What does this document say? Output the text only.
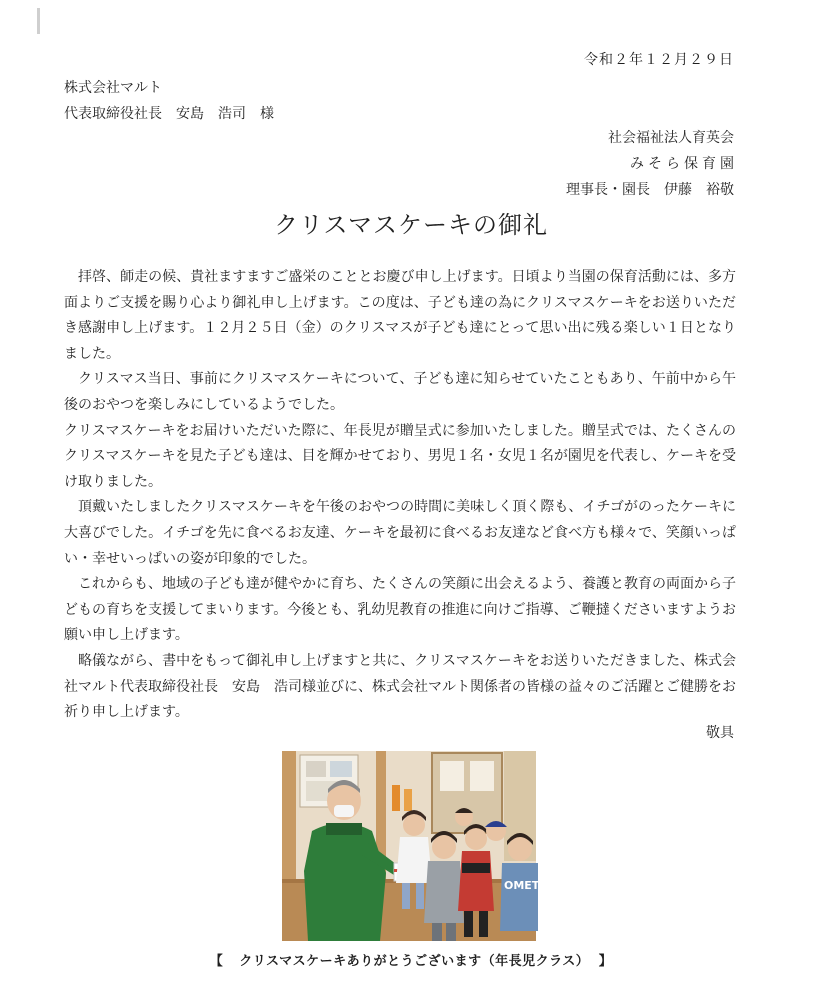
令和２年１２月２９日
株式会社マルト
代表取締役社長　安島　浩司　様
社会福祉法人育英会
みそら保育園
理事長・園長　伊藤　裕敬
クリスマスケーキの御礼

拝啓、師走の候、貴社ますますご盛栄のこととお慶び申し上げます。日頃より当園の保育活動には、多方面よりご支援を賜り心より御礼申し上げます。この度は、子ども達の為にクリスマスケーキをお送りいただき感謝申し上げます。１２月２５日（金）のクリスマスが子ども達にとって思い出に残る楽しい１日となりました。

クリスマス当日、事前にクリスマスケーキについて、子ども達に知らせていたこともあり、午前中から午後のおやつを楽しみにしているようでした。

クリスマスケーキをお届けいただいた際に、年長児が贈呈式に参加いたしました。贈呈式では、たくさんのクリスマスケーキを見た子ども達は、目を輝かせており、男児１名・女児１名が園児を代表し、ケーキを受け取りました。

頂戴いたしましたクリスマスケーキを午後のおやつの時間に美味しく頂く際も、イチゴがのったケーキに大喜びでした。イチゴを先に食べるお友達、ケーキを最初に食べるお友達など食べ方も様々で、笑顔いっぱい・幸せいっぱいの姿が印象的でした。

これからも、地域の子ども達が健やかに育ち、たくさんの笑顔に出会えるよう、養護と教育の両面から子どもの育ちを支援してまいります。今後とも、乳幼児教育の推進に向けご指導、ご鞭撻くださいますようお願い申し上げます。

略儀ながら、書中をもって御礼申し上げますと共に、クリスマスケーキをお送りいただきました、株式会社マルト代表取締役社長　安島　浩司様並びに、株式会社マルト関係者の皆様の益々のご活躍とご健勝をお祈り申し上げます。

敬具
OMETHI
【 クリスマスケーキありがとうございます（年長児クラス） 】
